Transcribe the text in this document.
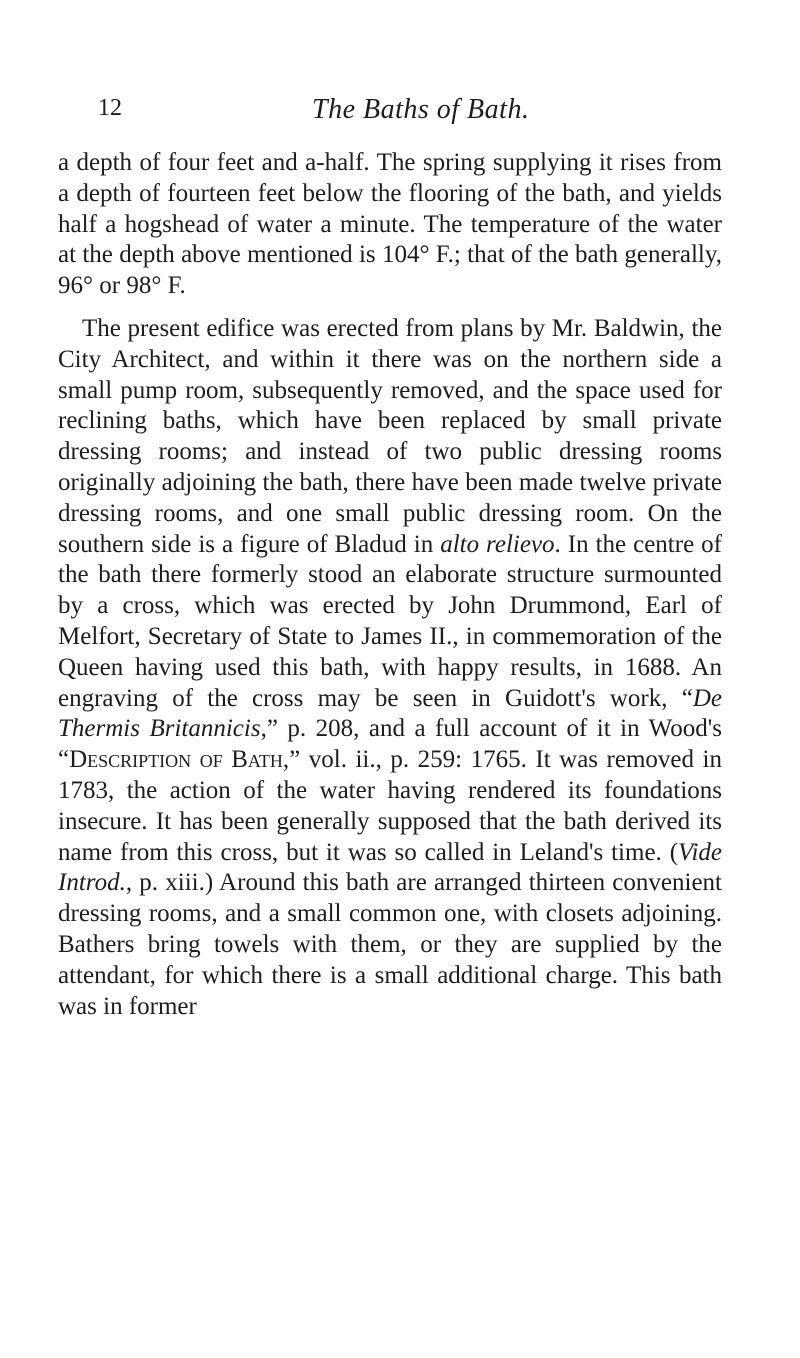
12	The Baths of Bath.

a depth of four feet and a-half. The spring supplying it rises from a depth of fourteen feet below the flooring of the bath, and yields half a hogshead of water a minute. The temperature of the water at the depth above mentioned is 104° F.; that of the bath generally, 96° or 98° F.

The present edifice was erected from plans by Mr. Baldwin, the City Architect, and within it there was on the northern side a small pump room, subsequently removed, and the space used for reclining baths, which have been replaced by small private dressing rooms; and instead of two public dressing rooms originally adjoining the bath, there have been made twelve private dressing rooms, and one small public dressing room. On the southern side is a figure of Bladud in alto relievo. In the centre of the bath there formerly stood an elaborate structure surmounted by a cross, which was erected by John Drummond, Earl of Melfort, Secretary of State to James II., in commemoration of the Queen having used this bath, with happy results, in 1688. An engraving of the cross may be seen in Guidott's work, “De Thermis Britannicis,” p. 208, and a full account of it in Wood's “Description of Bath,” vol. ii., p. 259: 1765. It was removed in 1783, the action of the water having rendered its foundations insecure. It has been generally supposed that the bath derived its name from this cross, but it was so called in Leland's time. (Vide Introd., p. xiii.) Around this bath are arranged thirteen convenient dressing rooms, and a small common one, with closets adjoining. Bathers bring towels with them, or they are supplied by the attendant, for which there is a small additional charge. This bath was in former
